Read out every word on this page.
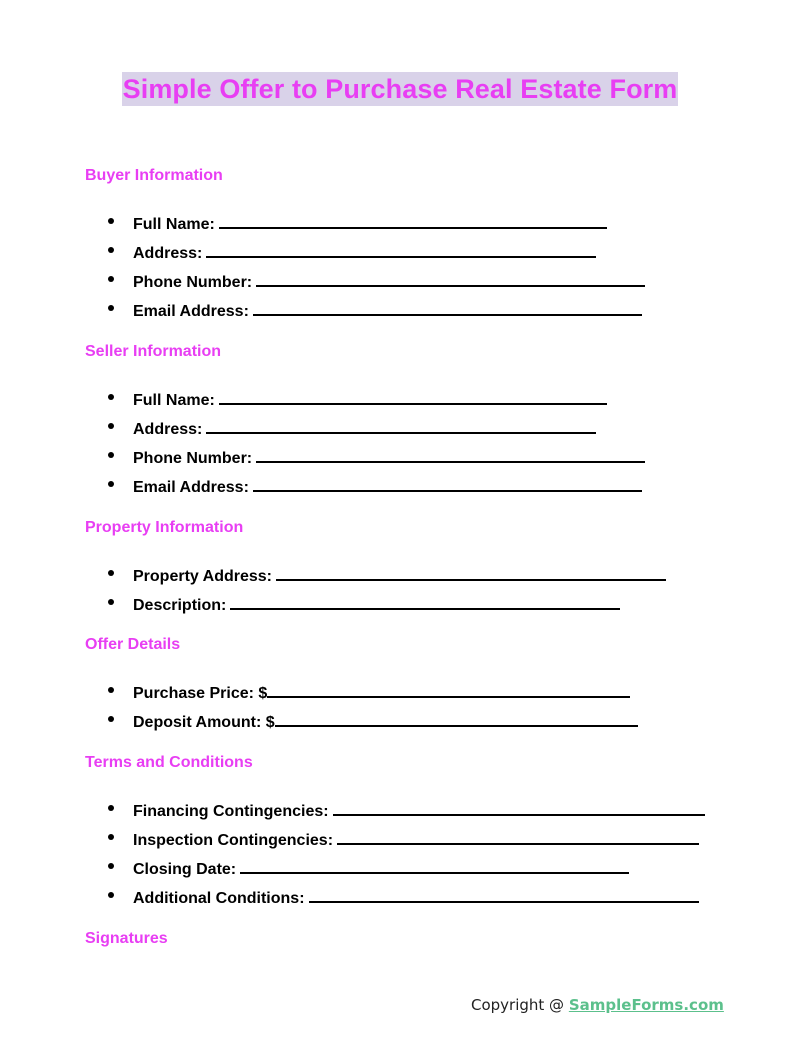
Simple Offer to Purchase Real Estate Form
Buyer Information
Full Name:
Address:
Phone Number:
Email Address:
Seller Information
Full Name:
Address:
Phone Number:
Email Address:
Property Information
Property Address:
Description:
Offer Details
Purchase Price: $
Deposit Amount: $
Terms and Conditions
Financing Contingencies:
Inspection Contingencies:
Closing Date:
Additional Conditions:
Signatures
Copyright @ SampleForms.com
